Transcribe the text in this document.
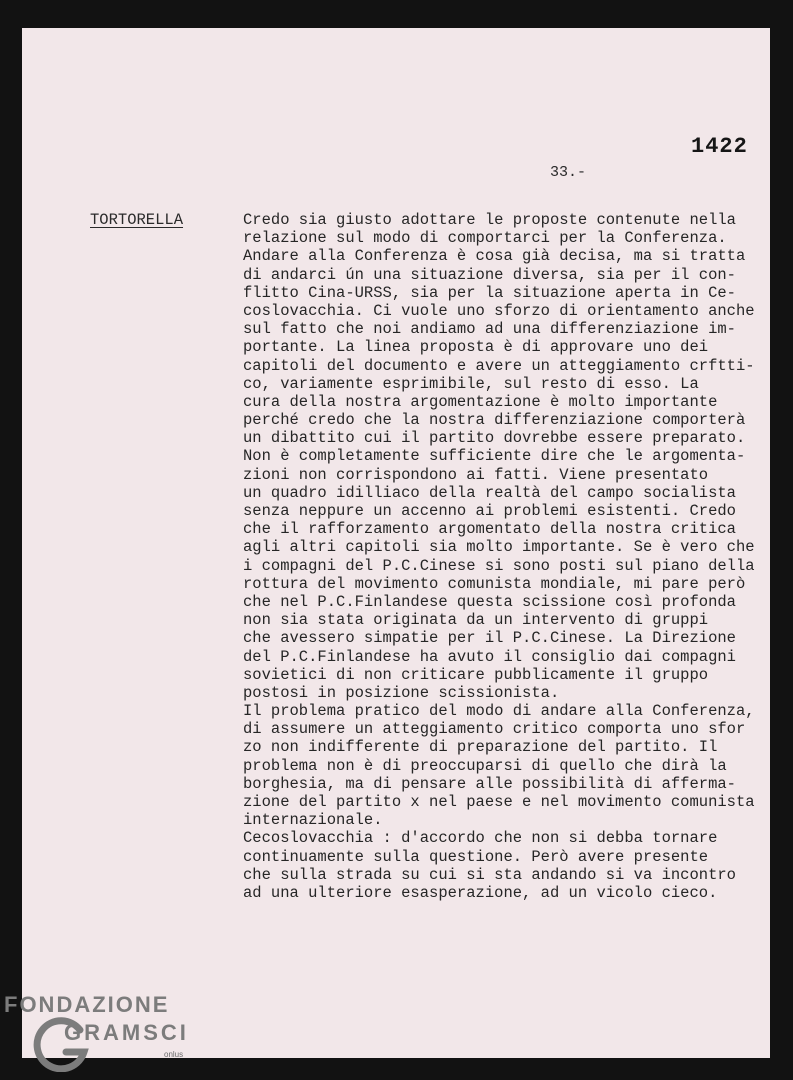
1422
33.-
TORTORELLA	Credo sia giusto adottare le proposte contenute nella
relazione sul modo di comportarci per la Conferenza.
Andare alla Conferenza è cosa già decisa, ma si tratta
di andarci ún una situazione diversa, sia per il con-
flitto Cina-URSS, sia per la situazione aperta in Ce-
coslovacchia. Ci vuole uno sforzo di orientamento anche
sul fatto che noi andiamo ad una differenziazione im-
portante. La linea proposta è di approvare uno dei
capitoli del documento e avere un atteggiamento crftti-
co, variamente esprimibile, sul resto di esso. La
cura della nostra argomentazione è molto importante
perché credo che la nostra differenziazione comporterà
un dibattito cui il partito dovrebbe essere preparato.
Non è completamente sufficiente dire che le argomenta-
zioni non corrispondono ai fatti. Viene presentato
un quadro idilliaco della realtà del campo socialista
senza neppure un accenno ai problemi esistenti. Credo
che il rafforzamento argomentato della nostra critica
agli altri capitoli sia molto importante. Se è vero che
i compagni del P.C.Cinese si sono posti sul piano della
rottura del movimento comunista mondiale, mi pare però
che nel P.C.Finlandese questa scissione così profonda
non sia stata originata da un intervento di gruppi
che avessero simpatie per il P.C.Cinese. La Direzione
del P.C.Finlandese ha avuto il consiglio dai compagni
sovietici di non criticare pubblicamente il gruppo
postosi in posizione scissionista.
Il problema pratico del modo di andare alla Conferenza,
di assumere un atteggiamento critico comporta uno sfor
zo non indifferente di preparazione del partito. Il
problema non è di preoccuparsi di quello che dirà la
borghesia, ma di pensare alle possibilità di afferma-
zione del partito x nel paese e nel movimento comunista
internazionale.
Cecoslovacchia : d'accordo che non si debba tornare
continuamente sulla questione. Però avere presente
che sulla strada su cui si sta andando si va incontro
ad una ulteriore esasperazione, ad un vicolo cieco.
FONDAZIONE
GRAMSCI
onlus
